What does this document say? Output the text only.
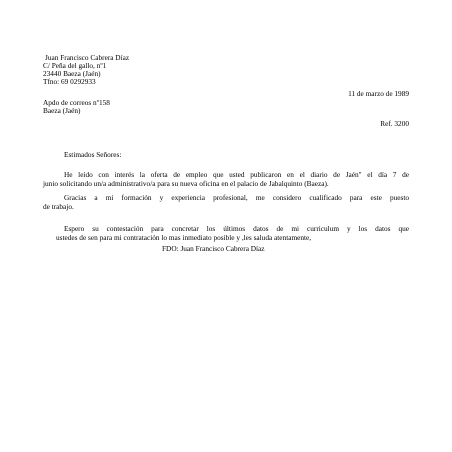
Juan Francisco Cabrera Díaz
C/ Peña del gallo, nº1
23440 Baeza (Jaén)
Tfno: 69 0292933
11 de marzo de 1989
Apdo de correos nº158
Baeza (Jaén)
Ref. 3200
Estimados Señores:
He leído con interés la oferta de empleo que usted publicaron en el diario de Jaén" el día 7 de
junio solicitando un/a administrativo/a para su nueva oficina en el palacio de Jabalquinto (Baeza).
Gracias a mi formación y experiencia profesional, me considero cualificado para este puesto
de trabajo.
Espero su contestación para concretar los últimos datos de mi curriculum y los datos que
ustedes de sen para mi contratación lo mas inmediato posible y ,les saluda atentamente,
FDO: Juan Francisco Cabrera Díaz
